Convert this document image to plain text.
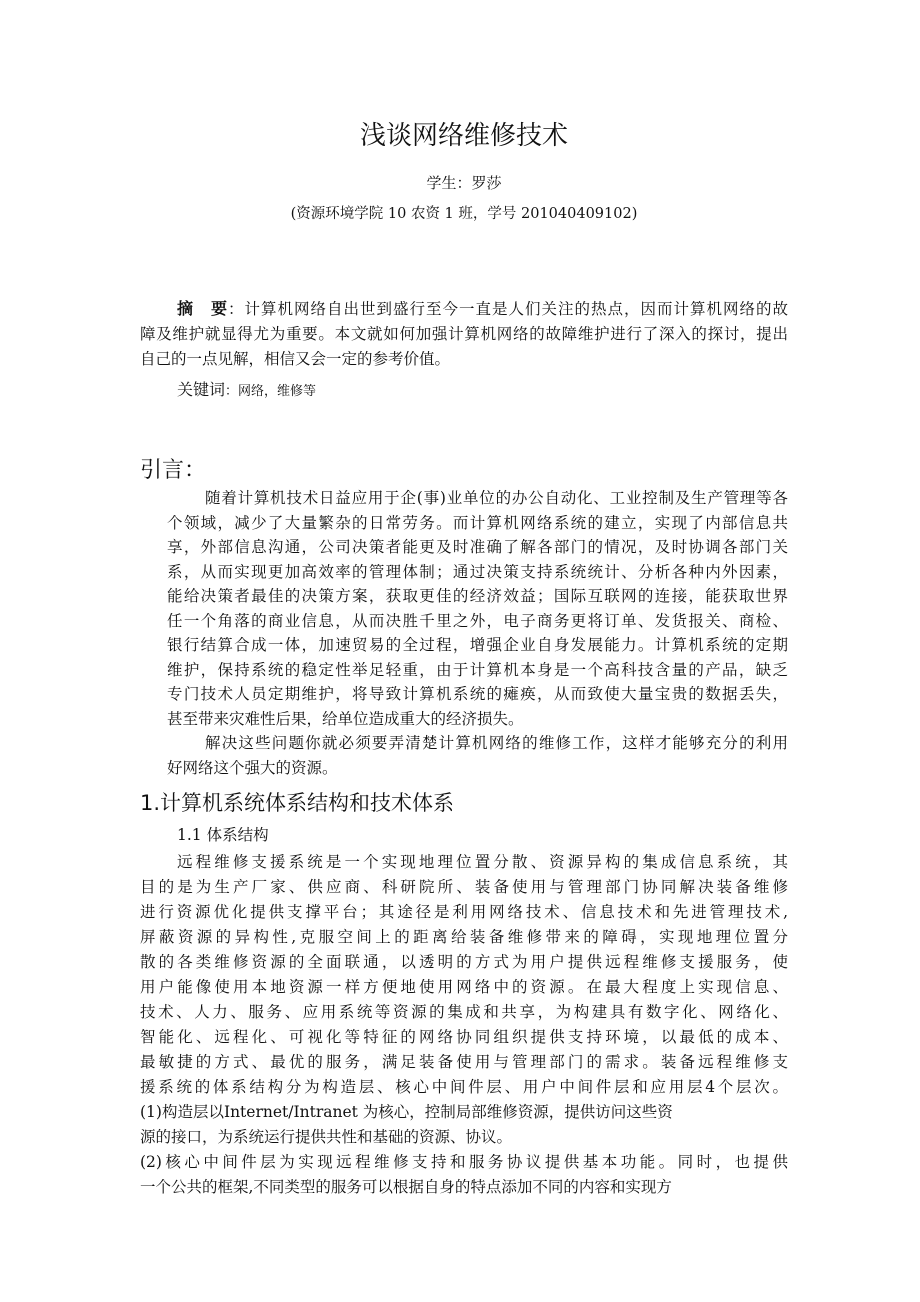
浅谈网络维修技术
学生：罗莎
(资源环境学院 10 农资 1 班，学号 201040409102)
摘　要：计算机网络自出世到盛行至今一直是人们关注的热点，因而计算机网络的故
障及维护就显得尤为重要。本文就如何加强计算机网络的故障维护进行了深入的探讨，提出
自己的一点见解，相信又会一定的参考价值。
关键词：网络，维修等
引言：
随着计算机技术日益应用于企(事)业单位的办公自动化、工业控制及生产管理等各
个领域，减少了大量繁杂的日常劳务。而计算机网络系统的建立，实现了内部信息共
享，外部信息沟通，公司决策者能更及时准确了解各部门的情况，及时协调各部门关
系，从而实现更加高效率的管理体制；通过决策支持系统统计、分析各种内外因素，
能给决策者最佳的决策方案，获取更佳的经济效益；国际互联网的连接，能获取世界
任一个角落的商业信息，从而决胜千里之外，电子商务更将订单、发货报关、商检、
银行结算合成一体，加速贸易的全过程，增强企业自身发展能力。计算机系统的定期
维护，保持系统的稳定性举足轻重，由于计算机本身是一个高科技含量的产品，缺乏
专门技术人员定期维护，将导致计算机系统的瘫痪，从而致使大量宝贵的数据丢失，
甚至带来灾难性后果，给单位造成重大的经济损失。
解决这些问题你就必须要弄清楚计算机网络的维修工作，这样才能够充分的利用
好网络这个强大的资源。
1.计算机系统体系结构和技术体系
1.1 体系结构
远程维修支援系统是一个实现地理位置分散、资源异构的集成信息系统，其
目的是为生产厂家、供应商、科研院所、装备使用与管理部门协同解决装备维修
进行资源优化提供支撑平台；其途径是利用网络技术、信息技术和先进管理技术,
屏蔽资源的异构性,克服空间上的距离给装备维修带来的障碍，实现地理位置分
散的各类维修资源的全面联通，以透明的方式为用户提供远程维修支援服务，使
用户能像使用本地资源一样方便地使用网络中的资源。在最大程度上实现信息、
技术、人力、服务、应用系统等资源的集成和共享，为构建具有数字化、网络化、
智能化、远程化、可视化等特征的网络协同组织提供支持环境，以最低的成本、
最敏捷的方式、最优的服务，满足装备使用与管理部门的需求。装备远程维修支
援系统的体系结构分为构造层、核心中间件层、用户中间件层和应用层4个层次。
(1)构造层以Internet/Intranet 为核心，控制局部维修资源，提供访问这些资
源的接口，为系统运行提供共性和基础的资源、协议。
(2)核心中间件层为实现远程维修支持和服务协议提供基本功能。同时，也提供
一个公共的框架,不同类型的服务可以根据自身的特点添加不同的内容和实现方
